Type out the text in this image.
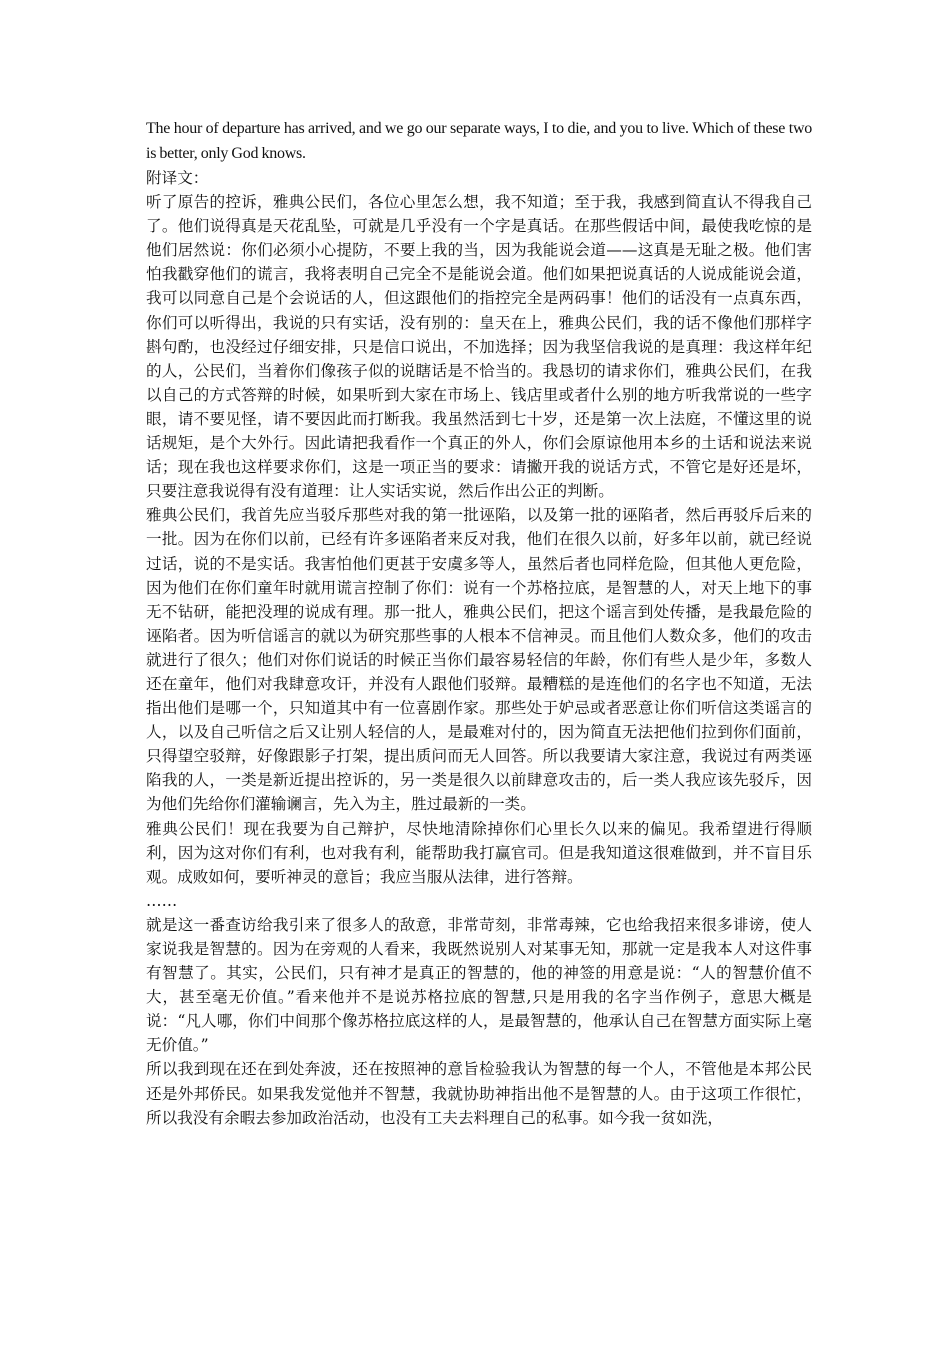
The hour of departure has arrived, and we go our separate ways, I to die, and you to live. Which of these two is better, only God knows.

附译文：

听了原告的控诉，雅典公民们，各位心里怎么想，我不知道；至于我，我感到简直认不得我自己了。他们说得真是天花乱坠，可就是几乎没有一个字是真话。在那些假话中间，最使我吃惊的是他们居然说：你们必须小心提防，不要上我的当，因为我能说会道——这真是无耻之极。他们害怕我戳穿他们的谎言，我将表明自己完全不是能说会道。他们如果把说真话的人说成能说会道，我可以同意自己是个会说话的人，但这跟他们的指控完全是两码事！他们的话没有一点真东西，你们可以听得出，我说的只有实话，没有别的：皇天在上，雅典公民们，我的话不像他们那样字斟句酌，也没经过仔细安排，只是信口说出，不加选择；因为我坚信我说的是真理：我这样年纪的人，公民们，当着你们像孩子似的说瞎话是不恰当的。我恳切的请求你们，雅典公民们，在我以自己的方式答辩的时候，如果听到大家在市场上、钱店里或者什么别的地方听我常说的一些字眼，请不要见怪，请不要因此而打断我。我虽然活到七十岁，还是第一次上法庭，不懂这里的说话规矩，是个大外行。因此请把我看作一个真正的外人，你们会原谅他用本乡的土话和说法来说话；现在我也这样要求你们，这是一项正当的要求：请撇开我的说话方式，不管它是好还是坏，只要注意我说得有没有道理：让人实话实说，然后作出公正的判断。

雅典公民们，我首先应当驳斥那些对我的第一批诬陷，以及第一批的诬陷者，然后再驳斥后来的一批。因为在你们以前，已经有许多诬陷者来反对我，他们在很久以前，好多年以前，就已经说过话，说的不是实话。我害怕他们更甚于安虞多等人，虽然后者也同样危险，但其他人更危险，因为他们在你们童年时就用谎言控制了你们：说有一个苏格拉底，是智慧的人，对天上地下的事无不钻研，能把没理的说成有理。那一批人，雅典公民们，把这个谣言到处传播，是我最危险的诬陷者。因为听信谣言的就以为研究那些事的人根本不信神灵。而且他们人数众多，他们的攻击就进行了很久；他们对你们说话的时候正当你们最容易轻信的年龄，你们有些人是少年，多数人还在童年，他们对我肆意攻讦，并没有人跟他们驳辩。最糟糕的是连他们的名字也不知道，无法指出他们是哪一个，只知道其中有一位喜剧作家。那些处于妒忌或者恶意让你们听信这类谣言的人，以及自己听信之后又让别人轻信的人，是最难对付的，因为简直无法把他们拉到你们面前，只得望空驳辩，好像跟影子打架，提出质问而无人回答。所以我要请大家注意，我说过有两类诬陷我的人，一类是新近提出控诉的，另一类是很久以前肆意攻击的，后一类人我应该先驳斥，因为他们先给你们灌输谰言，先入为主，胜过最新的一类。

雅典公民们！现在我要为自己辩护，尽快地清除掉你们心里长久以来的偏见。我希望进行得顺利，因为这对你们有利，也对我有利，能帮助我打赢官司。但是我知道这很难做到，并不盲目乐观。成败如何，要听神灵的意旨；我应当服从法律，进行答辩。

……

就是这一番查访给我引来了很多人的敌意，非常苛刻，非常毒辣，它也给我招来很多诽谤，使人家说我是智慧的。因为在旁观的人看来，我既然说别人对某事无知，那就一定是我本人对这件事有智慧了。其实，公民们，只有神才是真正的智慧的，他的神签的用意是说：“人的智慧价值不大，甚至毫无价值。”看来他并不是说苏格拉底的智慧,只是用我的名字当作例子，意思大概是说：“凡人哪，你们中间那个像苏格拉底这样的人，是最智慧的，他承认自己在智慧方面实际上毫无价值。”

所以我到现在还在到处奔波，还在按照神的意旨检验我认为智慧的每一个人，不管他是本邦公民还是外邦侨民。如果我发觉他并不智慧，我就协助神指出他不是智慧的人。由于这项工作很忙，所以我没有余暇去参加政治活动，也没有工夫去料理自己的私事。如今我一贫如洗，
